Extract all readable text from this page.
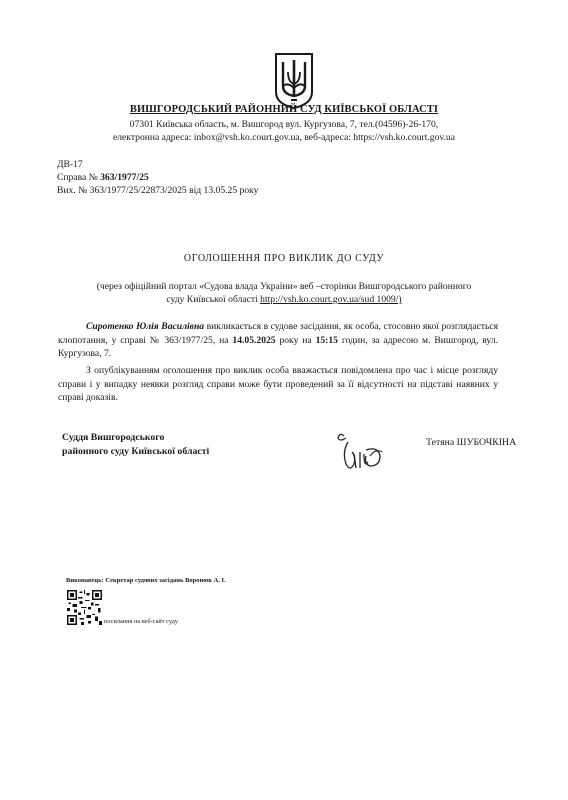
ВИШГОРОДСЬКИЙ РАЙОННИЙ СУД КИЇВСЬКОЇ ОБЛАСТІ
07301 Київська область, м. Вишгород вул. Кургузова, 7, тел.(04596)-26-170,
електронна адреса: inbox@vsh.ko.court.gov.ua, веб-адреса: https://vsh.ko.court.gov.ua
ДВ-17
Справа № 363/1977/25
Вих. № 363/1977/25/22873/2025 від 13.05.25 року
ОГОЛОШЕННЯ ПРО ВИКЛИК ДО СУДУ
(через офіційний портал «Судова влада України» веб –сторінки Вишгородського районного
суду Київської області http://vsh.ko.court.gov.ua/sud 1009/)
Сиротенко Юлія Василівна викликається в судове засідання, як особа, стосовно якої розглядається клопотання, у справі № 363/1977/25, на 14.05.2025 року на 15:15 годин, за адресою м. Вишгород, вул. Кургузова, 7.
З опублікуванням оголошення про виклик особа вважається повідомлена про час і місце розгляду справи і у випадку неявки розгляд справи може бути проведений за її відсутності на підставі наявних у справі доказів.
Суддя Вишгородського
районного суду Київської області
Тетяна ШУБОЧКІНА
Виконавець: Секретар судових засідань Воронюк А. І.
посилання на веб-сайт суду
